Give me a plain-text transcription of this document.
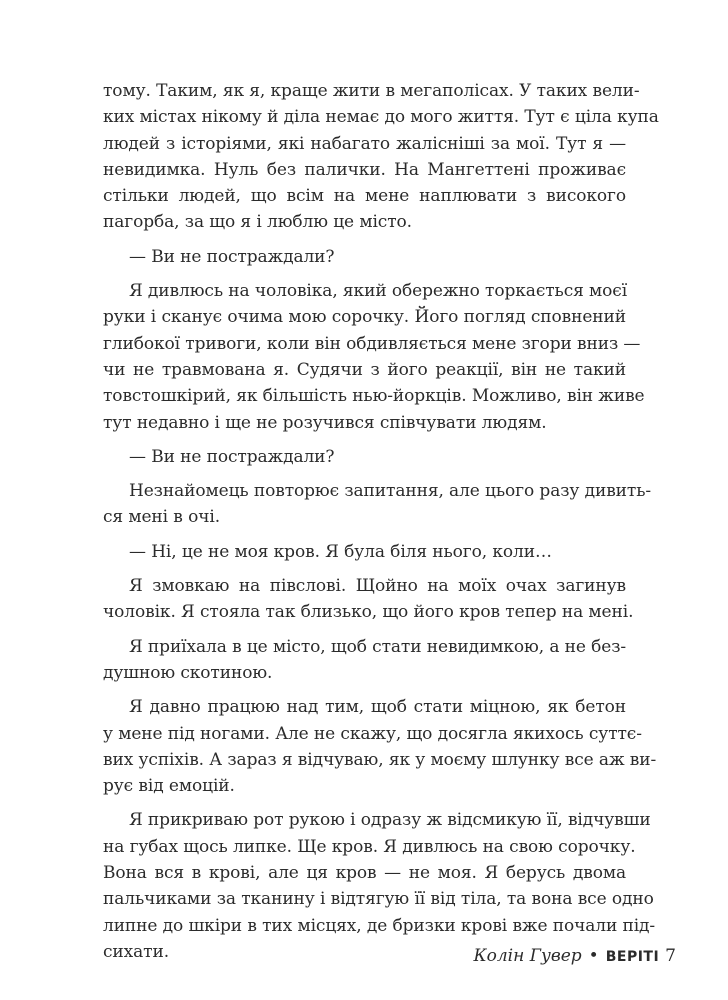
тому. Таким, як я, краще жити в мегаполісах. У таких вели-
ких містах нікому й діла немає до мого життя. Тут є ціла купа
людей з історіями, які набагато жалісніші за мої. Тут я —
невидимка. Нуль без палички. На Мангеттені проживає
стільки людей, що всім на мене наплювати з високого
пагорба, за що я і люблю це місто.
— Ви не постраждали?
Я дивлюсь на чоловіка, який обережно торкається моєї
руки і сканує очима мою сорочку. Його погляд сповнений
глибокої тривоги, коли він обдивляється мене згори вниз —
чи не травмована я. Судячи з його реакції, він не такий
товстошкірий, як більшість нью-йоркців. Можливо, він живе
тут недавно і ще не розучився співчувати людям.
— Ви не постраждали?
Незнайомець повторює запитання, але цього разу дивить-
ся мені в очі.
— Ні, це не моя кров. Я була біля нього, коли…
Я змовкаю на півслові. Щойно на моїх очах загинув
чоловік. Я стояла так близько, що його кров тепер на мені.
Я приїхала в це місто, щоб стати невидимкою, а не без-
душною скотиною.
Я давно працюю над тим, щоб стати міцною, як бетон
у мене під ногами. Але не скажу, що досягла якихось суттє-
вих успіхів. А зараз я відчуваю, як у моєму шлунку все аж ви-
рує від емоцій.
Я прикриваю рот рукою і одразу ж відсмикую її, відчувши
на губах щось липке. Ще кров. Я дивлюсь на свою сорочку.
Вона вся в крові, але ця кров — не моя. Я берусь двома
пальчиками за тканину і відтягую її від тіла, та вона все одно
липне до шкіри в тих місцях, де бризки крові вже почали під-
сихати.	Колін Гувер • ВЕРІТІ 7
